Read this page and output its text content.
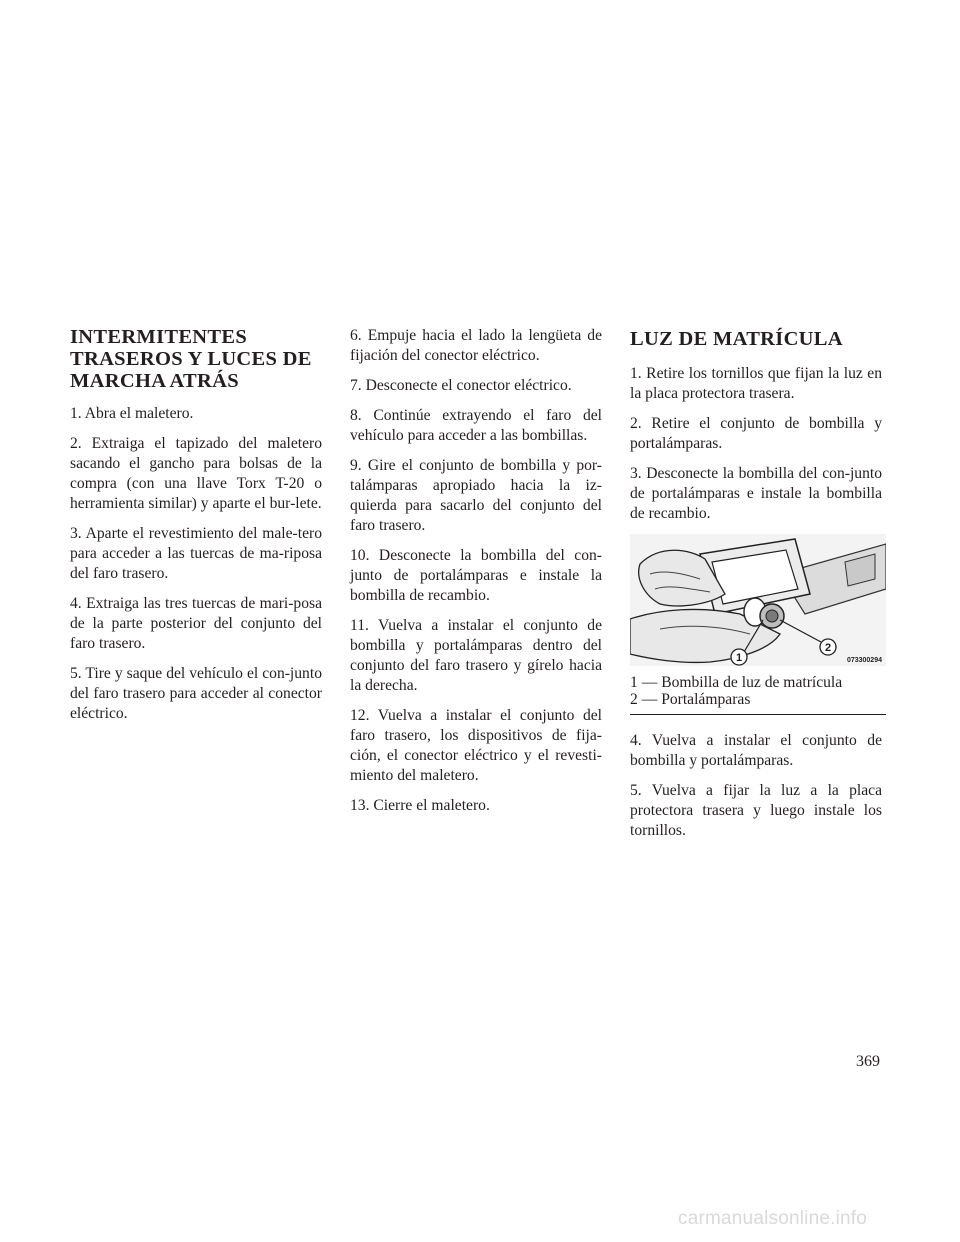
INTERMITENTES
TRASEROS Y LUCES DE
MARCHA ATRÁS

1. Abra el maletero.

2. Extraiga el tapizado del maletero sacando el gancho para bolsas de la compra (con una llave Torx T-20 o herramienta similar) y aparte el bur-lete.

3. Aparte el revestimiento del male-tero para acceder a las tuercas de ma-riposa del faro trasero.

4. Extraiga las tres tuercas de mari-posa de la parte posterior del conjunto del faro trasero.

5. Tire y saque del vehículo el con-junto del faro trasero para acceder al conector eléctrico.

6. Empuje hacia el lado la lengüeta de fijación del conector eléctrico.

7. Desconecte el conector eléctrico.

8. Continúe extrayendo el faro del vehículo para acceder a las bombillas.

9. Gire el conjunto de bombilla y por-talámparas apropiado hacia la iz-quierda para sacarlo del conjunto del faro trasero.

10. Desconecte la bombilla del con-junto de portalámparas e instale la bombilla de recambio.

11. Vuelva a instalar el conjunto de bombilla y portalámparas dentro del conjunto del faro trasero y gírelo hacia la derecha.

12. Vuelva a instalar el conjunto del faro trasero, los dispositivos de fija-ción, el conector eléctrico y el revesti-miento del maletero.

13. Cierre el maletero.

LUZ DE MATRÍCULA

1. Retire los tornillos que fijan la luz en la placa protectora trasera.

2. Retire el conjunto de bombilla y portalámparas.

3. Desconecte la bombilla del con-junto de portalámparas e instale la bombilla de recambio.

1
2
073300294
1 — Bombilla de luz de matrícula
2 — Portalámparas

4. Vuelva a instalar el conjunto de bombilla y portalámparas.

5. Vuelva a fijar la luz a la placa protectora trasera y luego instale los tornillos.

369
carmanualsonline.info
